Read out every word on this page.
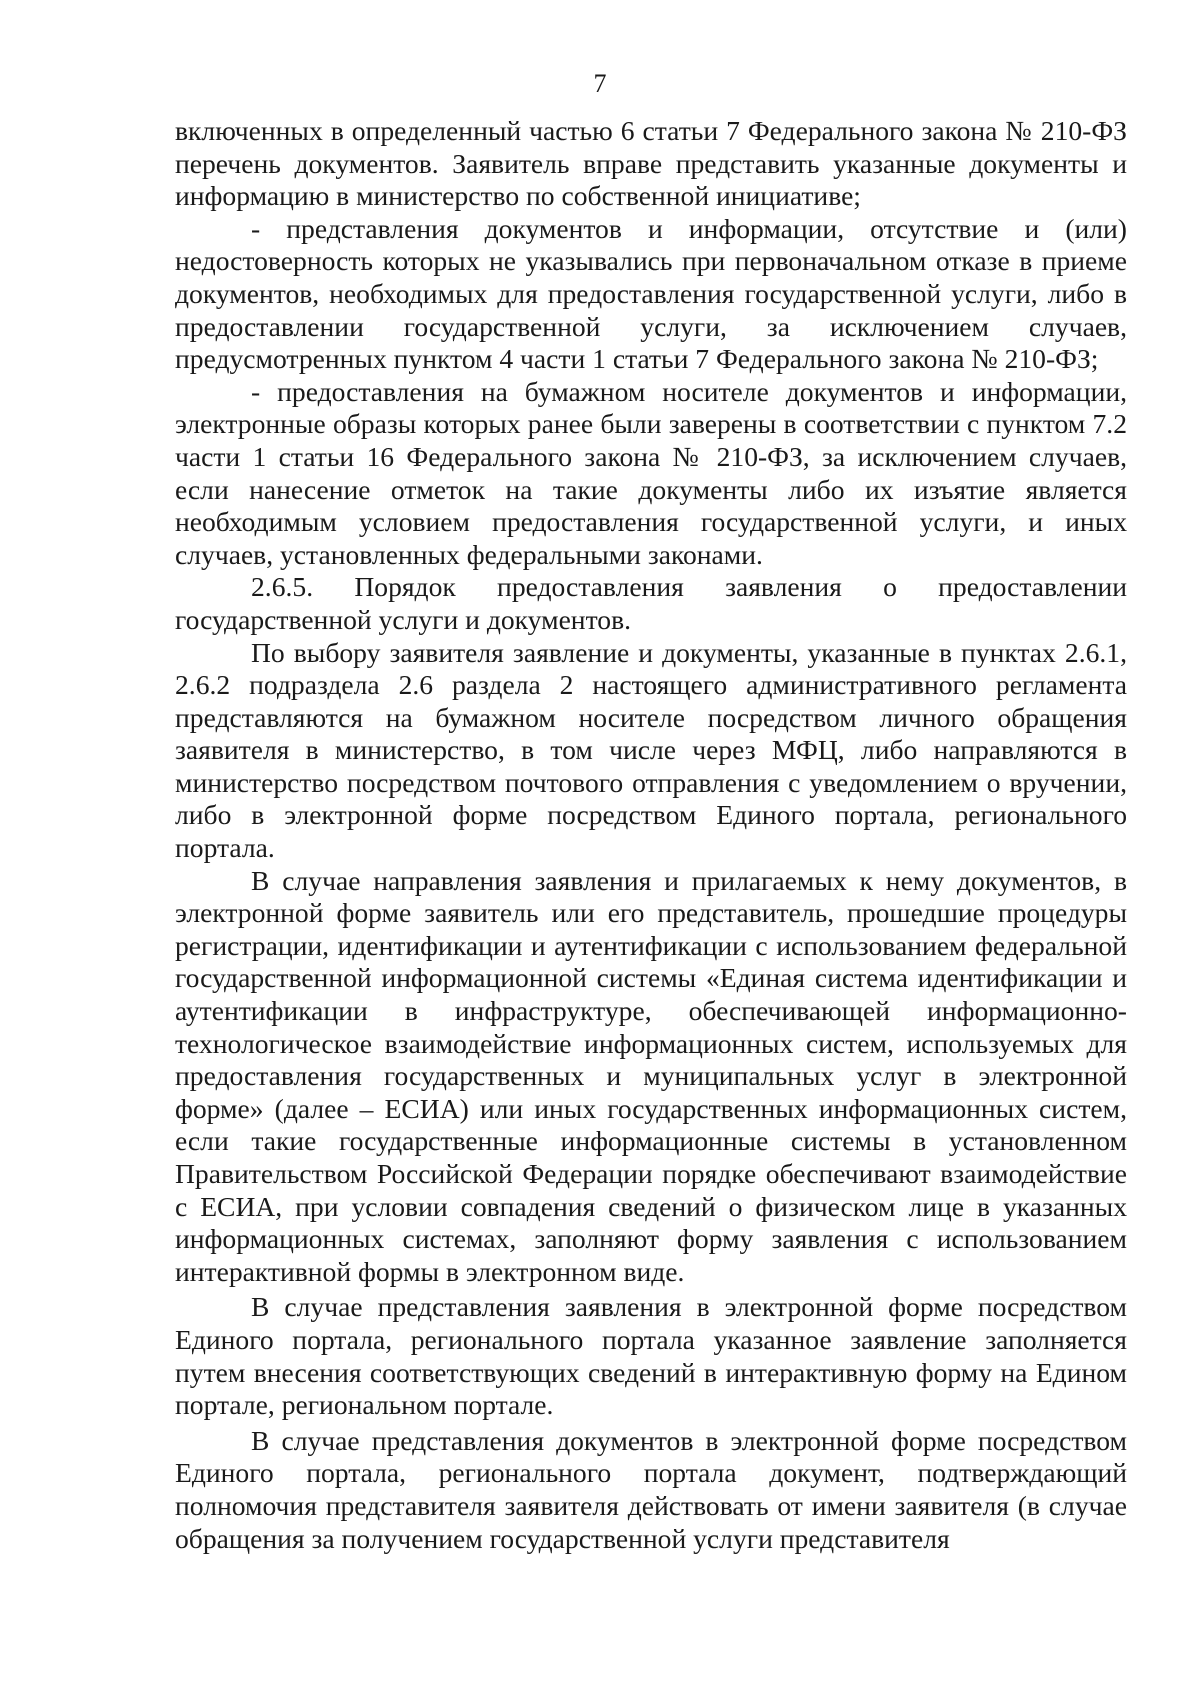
7

включенных в определенный частью 6 статьи 7 Федерального закона № 210-ФЗ перечень документов. Заявитель вправе представить указанные документы и информацию в министерство по собственной инициативе;

- представления документов и информации, отсутствие и (или) недостоверность которых не указывались при первоначальном отказе в приеме документов, необходимых для предоставления государственной услуги, либо в предоставлении государственной услуги, за исключением случаев, предусмотренных пунктом 4 части 1 статьи 7 Федерального закона № 210-ФЗ;

- предоставления на бумажном носителе документов и информации, электронные образы которых ранее были заверены в соответствии с пунктом 7.2 части 1 статьи 16 Федерального закона № 210-ФЗ, за исключением случаев, если нанесение отметок на такие документы либо их изъятие является необходимым условием предоставления государственной услуги, и иных случаев, установленных федеральными законами.

2.6.5. Порядок предоставления заявления о предоставлении государственной услуги и документов.

По выбору заявителя заявление и документы, указанные в пунктах 2.6.1, 2.6.2 подраздела 2.6 раздела 2 настоящего административного регламента представляются на бумажном носителе посредством личного обращения заявителя в министерство, в том числе через МФЦ, либо направляются в министерство посредством почтового отправления с уведомлением о вручении, либо в электронной форме посредством Единого портала, регионального портала.

В случае направления заявления и прилагаемых к нему документов, в электронной форме заявитель или его представитель, прошедшие процедуры регистрации, идентификации и аутентификации с использованием федеральной государственной информационной системы «Единая система идентификации и аутентификации в инфраструктуре, обеспечивающей информационно-технологическое взаимодействие информационных систем, используемых для предоставления государственных и муниципальных услуг в электронной форме» (далее – ЕСИА) или иных государственных информационных систем, если такие государственные информационные системы в установленном Правительством Российской Федерации порядке обеспечивают взаимодействие с ЕСИА, при условии совпадения сведений о физическом лице в указанных информационных системах, заполняют форму заявления с использованием интерактивной формы в электронном виде.

В случае представления заявления в электронной форме посредством Единого портала, регионального портала указанное заявление заполняется путем внесения соответствующих сведений в интерактивную форму на Едином портале, региональном портале.

В случае представления документов в электронной форме посредством Единого портала, регионального портала документ, подтверждающий полномочия представителя заявителя действовать от имени заявителя (в случае обращения за получением государственной услуги представителя
